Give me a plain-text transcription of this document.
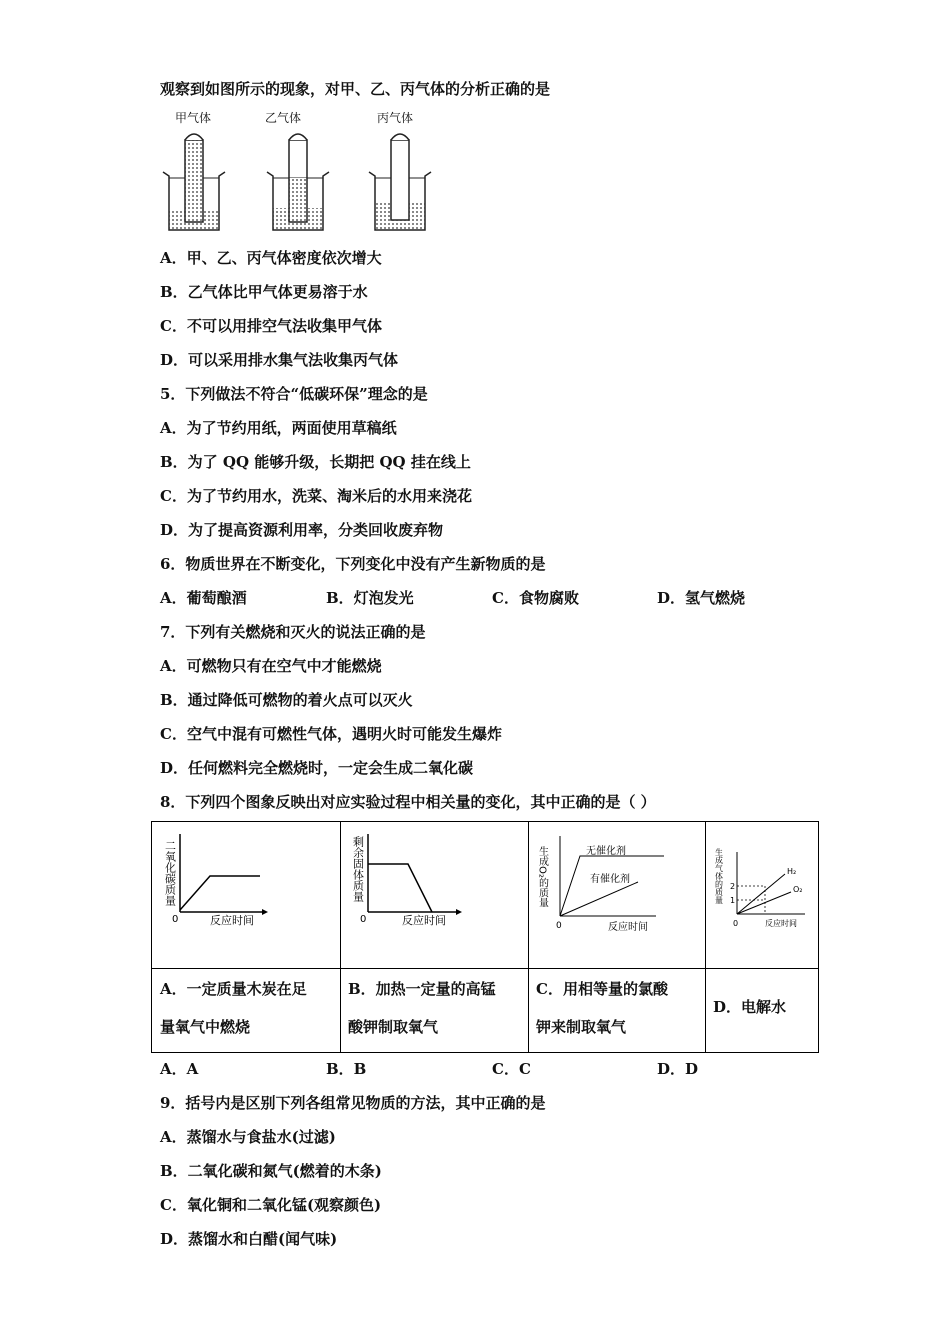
观察到如图所示的现象，对甲、乙、丙气体的分析正确的是
甲气体	乙气体	丙气体
A．甲、乙、丙气体密度依次增大
B．乙气体比甲气体更易溶于水
C．不可以用排空气法收集甲气体
D．可以采用排水集气法收集丙气体
5．下列做法不符合“低碳环保”理念的是
A．为了节约用纸，两面使用草稿纸
B．为了 QQ 能够升级，长期把 QQ 挂在线上
C．为了节约用水，洗菜、淘米后的水用来浇花
D．为了提高资源利用率，分类回收废弃物
6．物质世界在不断变化，下列变化中没有产生新物质的是
A．葡萄酿酒	B．灯泡发光	C．食物腐败	D．氢气燃烧
7．下列有关燃烧和灭火的说法正确的是
A．可燃物只有在空气中才能燃烧
B．通过降低可燃物的着火点可以灭火
C．空气中混有可燃性气体，遇明火时可能发生爆炸
D．任何燃料完全燃烧时，一定会生成二氧化碳
8．下列四个图象反映出对应实验过程中相关量的变化，其中正确的是（ ）
二氧化碳质量
0	反应时间
剩余固体质量
0	反应时间
生成O₂的质量	无催化剂
有催化剂
0	反应时间
生成气体的质量 2
1
H₂
O₂
0	反应时间
A．一定质量木炭在足
量氧气中燃烧
B．加热一定量的高锰
酸钾制取氧气
C．用相等量的氯酸
钾来制取氧气
D．电解水
A．A	B．B	C．C	D．D
9．括号内是区别下列各组常见物质的方法，其中正确的是
A．蒸馏水与食盐水(过滤)
B．二氧化碳和氮气(燃着的木条)
C．氧化铜和二氧化锰(观察颜色)
D．蒸馏水和白醋(闻气味)
